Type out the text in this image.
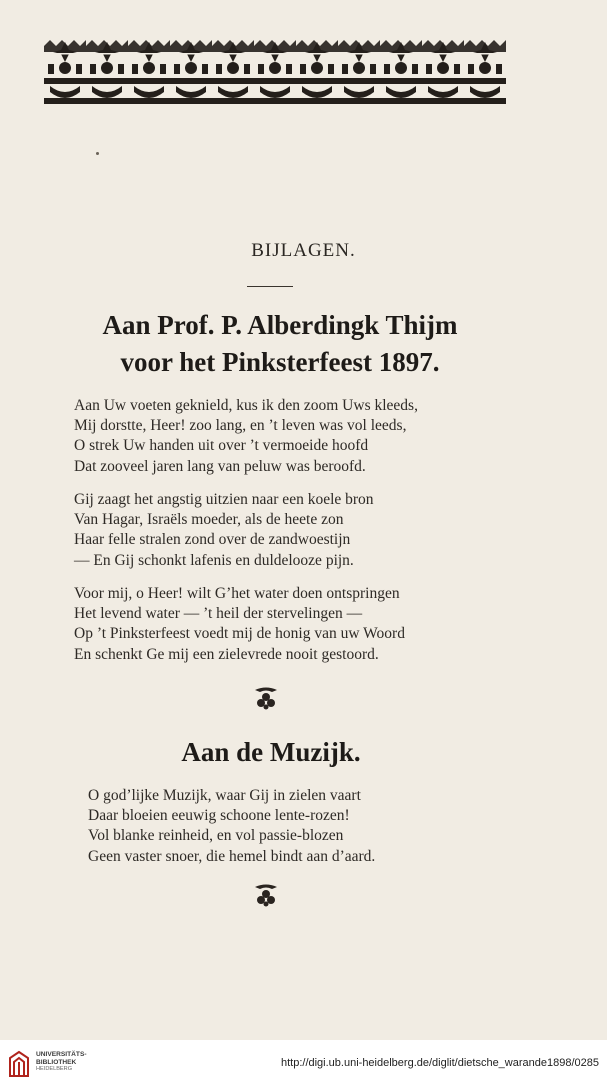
BIJLAGEN.
Aan Prof. P. Alberdingk Thijm
voor het Pinksterfeest 1897.
Aan Uw voeten geknield, kus ik den zoom Uws kleeds,
Mij dorstte, Heer! zoo lang, en ’t leven was vol leeds,
O strek Uw handen uit over ’t vermoeide hoofd
Dat zooveel jaren lang van peluw was beroofd.
Gij zaagt het angstig uitzien naar een koele bron
Van Hagar, Israëls moeder, als de heete zon
Haar felle stralen zond over de zandwoestijn
— En Gij schonkt lafenis en duldelooze pijn.
Voor mij, o Heer! wilt G’het water doen ontspringen
Het levend water — ’t heil der stervelingen —
Op ’t Pinksterfeest voedt mij de honig van uw Woord
En schenkt Ge mij een zielevrede nooit gestoord.
Aan de Muzijk.
O god’lijke Muzijk, waar Gij in zielen vaart
Daar bloeien eeuwig schoone lente-rozen!
Vol blanke reinheid, en vol passie-blozen
Geen vaster snoer, die hemel bindt aan d’aard.
UNIVERSITÄTS-
BIBLIOTHEK
HEIDELBERG
http://digi.ub.uni-heidelberg.de/diglit/dietsche_warande1898/0285
